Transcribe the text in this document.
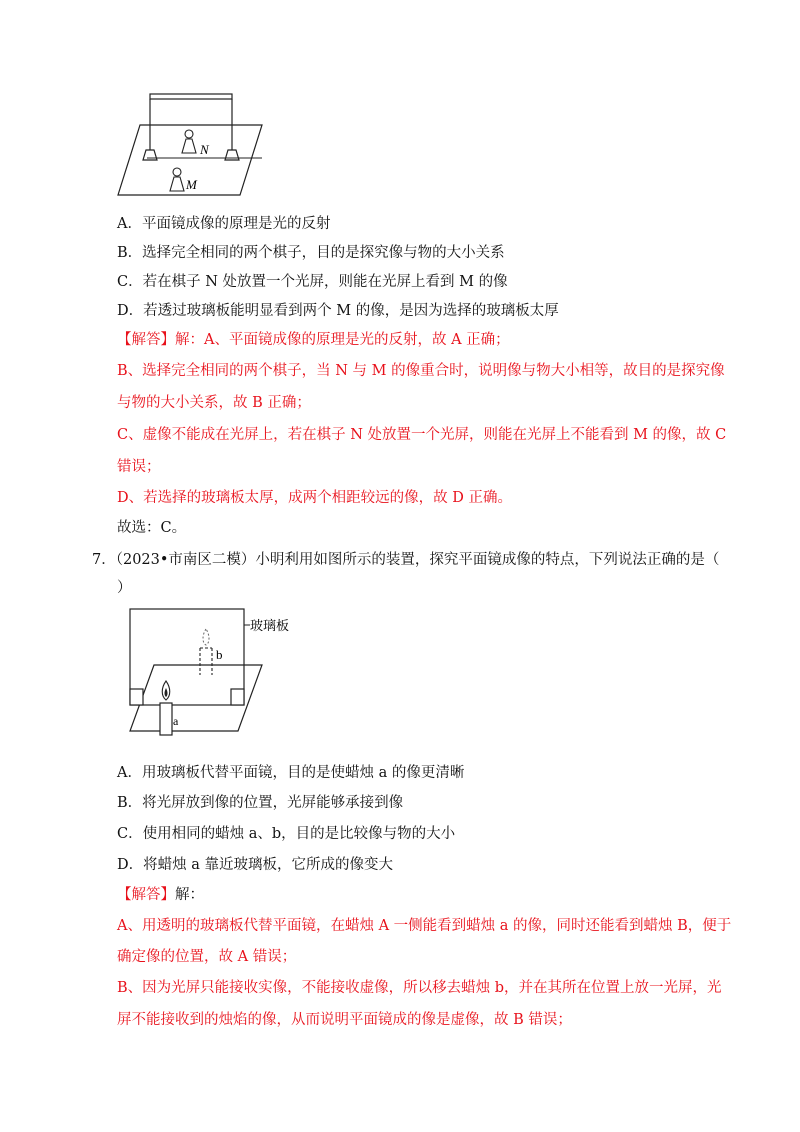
N
M
A．平面镜成像的原理是光的反射
B．选择完全相同的两个棋子，目的是探究像与物的大小关系
C．若在棋子 N 处放置一个光屏，则能在光屏上看到 M 的像
D．若透过玻璃板能明显看到两个 M 的像，是因为选择的玻璃板太厚
【解答】解：A、平面镜成像的原理是光的反射，故 A 正确；
B、选择完全相同的两个棋子，当 N 与 M 的像重合时，说明像与物大小相等，故目的是探究像
与物的大小关系，故 B 正确；
C、虚像不能成在光屏上，若在棋子 N 处放置一个光屏，则能在光屏上不能看到 M 的像，故 C
错误；
D、若选择的玻璃板太厚，成两个相距较远的像，故 D 正确。
故选：C。
7．（2023•市南区二模）小明利用如图所示的装置，探究平面镜成像的特点，下列说法正确的是（
）
玻璃板
b
a
A．用玻璃板代替平面镜，目的是使蜡烛 a 的像更清晰
B．将光屏放到像的位置，光屏能够承接到像
C．使用相同的蜡烛 a、b，目的是比较像与物的大小
D．将蜡烛 a 靠近玻璃板，它所成的像变大
【解答】解：
A、用透明的玻璃板代替平面镜，在蜡烛 A 一侧能看到蜡烛 a 的像，同时还能看到蜡烛 B，便于
确定像的位置，故 A 错误；
B、因为光屏只能接收实像，不能接收虚像，所以移去蜡烛 b，并在其所在位置上放一光屏，光
屏不能接收到的烛焰的像，从而说明平面镜成的像是虚像，故 B 错误；
